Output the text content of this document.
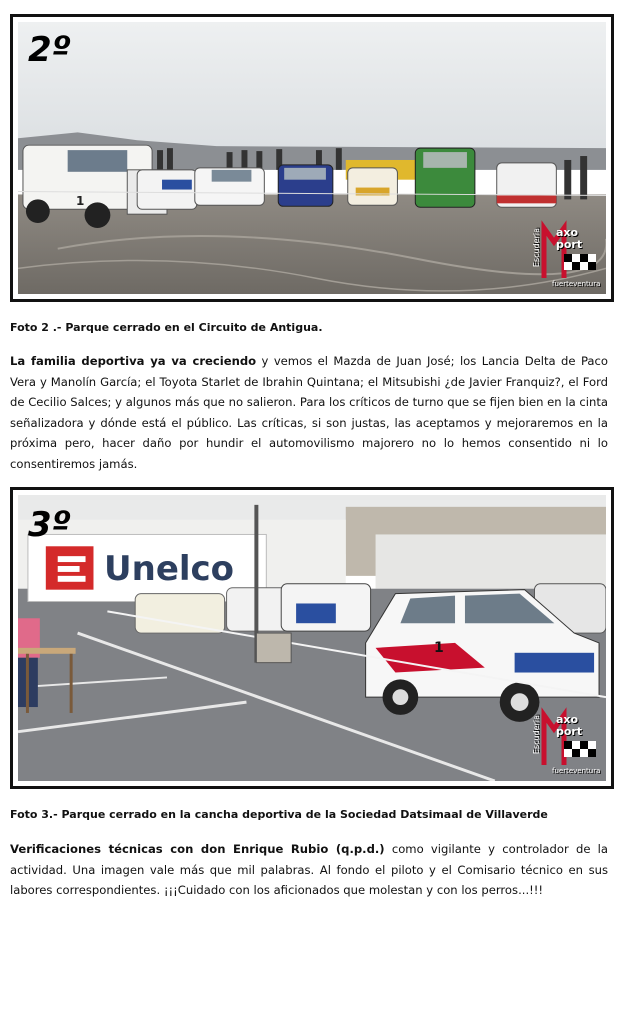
2º
axo
port
fuerteventura
Escuderia
1
Foto 2 .- Parque cerrado en el Circuito de Antigua.

La familia deportiva ya va creciendo y vemos el Mazda de Juan José; los Lancia Delta de Paco Vera y Manolín García; el Toyota Starlet de Ibrahin Quintana; el Mitsubishi ¿de Javier Franquiz?, el Ford de Cecilio Salces; y algunos más que no salieron. Para los críticos de turno que se fijen bien en la cinta señalizadora y dónde está el público. Las críticas, si son justas, las aceptamos y mejoraremos en la próxima pero, hacer daño por hundir el automovilismo majorero no lo hemos consentido ni lo consentiremos jamás.

3º
Unelco
1
axo
port
fuerteventura
Escuderia
Foto 3.- Parque cerrado en la cancha deportiva de la Sociedad Datsimaal de Villaverde

Verificaciones técnicas con don Enrique Rubio (q.p.d.) como vigilante y controlador de la actividad. Una imagen vale más que mil palabras. Al fondo el piloto y el Comisario técnico en sus labores correspondientes. ¡¡¡Cuidado con los aficionados que molestan y con los perros...!!!
